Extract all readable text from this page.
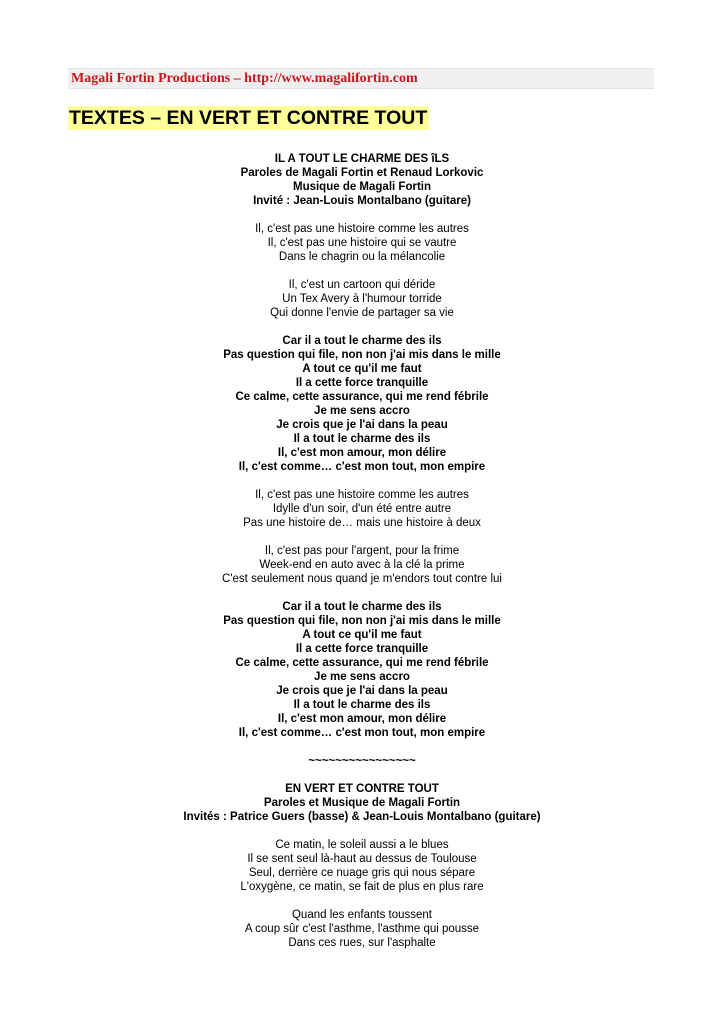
Magali Fortin Productions – http://www.magalifortin.com
TEXTES – EN VERT ET CONTRE TOUT
IL A TOUT LE CHARME DES îLS
Paroles de Magali Fortin et Renaud Lorkovic
Musique de Magali Fortin
Invité : Jean-Louis Montalbano (guitare)
Il, c'est pas une histoire comme les autres
Il, c'est pas une histoire qui se vautre
Dans le chagrin ou la mélancolie
Il, c'est un cartoon qui déride
Un Tex Avery à l'humour torride
Qui donne l'envie de partager sa vie
Car il a tout le charme des ils
Pas question qui file, non non j'ai mis dans le mille
A tout ce qu'il me faut
Il a cette force tranquille
Ce calme, cette assurance, qui me rend fébrile
Je me sens accro
Je crois que je l'ai dans la peau
Il a tout le charme des ils
Il, c'est mon amour, mon délire
Il, c'est comme… c'est mon tout, mon empire
Il, c'est pas une histoire comme les autres
Idylle d'un soir, d'un été entre autre
Pas une histoire de… mais une histoire à deux
Il, c'est pas pour l'argent, pour la frime
Week-end en auto avec à la clé la prime
C'est seulement nous quand je m'endors tout contre lui
Car il a tout le charme des ils
Pas question qui file, non non j'ai mis dans le mille
A tout ce qu'il me faut
Il a cette force tranquille
Ce calme, cette assurance, qui me rend fébrile
Je me sens accro
Je crois que je l'ai dans la peau
Il a tout le charme des ils
Il, c'est mon amour, mon délire
Il, c'est comme… c'est mon tout, mon empire
~~~~~~~~~~~~~~~~
EN VERT ET CONTRE TOUT
Paroles et Musique de Magali Fortin
Invités : Patrice Guers (basse) & Jean-Louis Montalbano (guitare)
Ce matin, le soleil aussi a le blues
Il se sent seul là-haut au dessus de Toulouse
Seul, derrière ce nuage gris qui nous sépare
L'oxygène, ce matin, se fait de plus en plus rare
Quand les enfants toussent
A coup sûr c'est l'asthme, l'asthme qui pousse
Dans ces rues, sur l'asphalte
